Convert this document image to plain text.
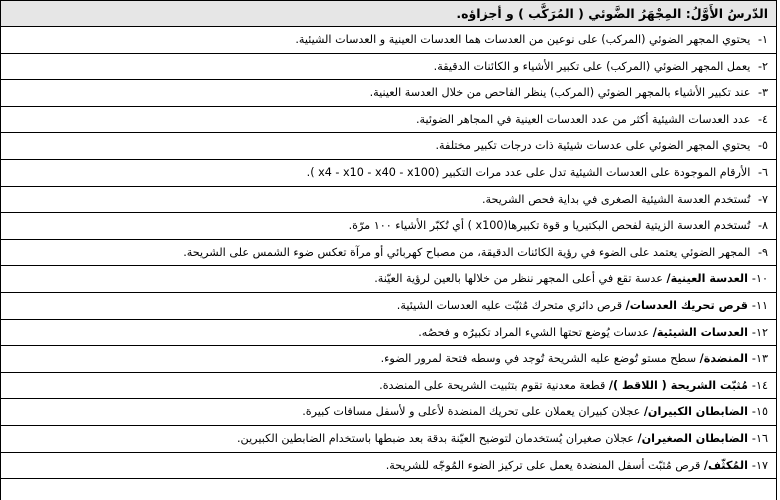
الدّرسُ الأَوَّلُ: المِجْهَرُ الضَّوئي ( المُرَكَّب ) و أجزاؤه.
١- يحتوي المجهر الضوئي (المركب) على نوعين من العدسات هما العدسات العينية و العدسات الشيئية.
٢- يعمل المجهر الضوئي (المركب) على تكبير الأشياء و الكائنات الدقيقة.
٣- عند تكبير الأشياء بالمجهر الضوئي (المركب) ينظر الفاحص من خلال العدسة العينية.
٤- عدد العدسات الشيئية أكثر من عدد العدسات العينية في المجاهر الضوئية.
٥- يحتوي المجهر الضوئي على عدسات شيئية ذات درجات تكبير مختلفة.
٦- الأرقام الموجودة على العدسات الشيئية تدل على عدد مرات التكبير (x4 - x10 - x40 - x100 ).
٧- تُستخدم العدسة الشيئية الصغرى في بداية فحص الشريحة.
٨- تُستخدم العدسة الزيتية لفحص البكتيريا و قوة تكبيرها(x100 ) أي تُكبّر الأشياء ١٠٠ مرّة.
٩- المجهر الضوئي يعتمد على الضوء في رؤية الكائنات الدقيقة، من مصباح كهربائي أو مرآة تعكس ضوء الشمس على الشريحة.
١٠-العدسة العينية/ عدسة تقع في أعلى المجهر ننظر من خلالها بالعين لرؤية العيّنة.
١١-قرص تحريك العدسات/ قرص دائري متحرك مُثبّت عليه العدسات الشيئية.
١٢-العدسات الشيئية/ عدسات يُوضع تحتها الشيء المراد تكبيرُه و فحصُه.
١٣-المنضدة/ سطح مستو تُوضع عليه الشريحة تُوجد في وسطه فتحة لمرور الضوء.
١٤-مُثبّت الشريحة ( اللاقط )/ قطعة معدنية تقوم بتثبيت الشريحة على المنضدة.
١٥-الضابطان الكبيران/ عجلان كبيران يعملان على تحريك المنضدة لأعلى و لأسفل مسافات كبيرة.
١٦-الضابطان الصغيران/ عجلان صغيران يُستخدمان لتوضيح العيّنة بدقة بعد ضبطها باستخدام الضابطين الكبيرين.
١٧-المُكثّف/ قرص مُثبّت أسفل المنضدة يعمل على تركيز الضوء المُوجّه للشريحة.
